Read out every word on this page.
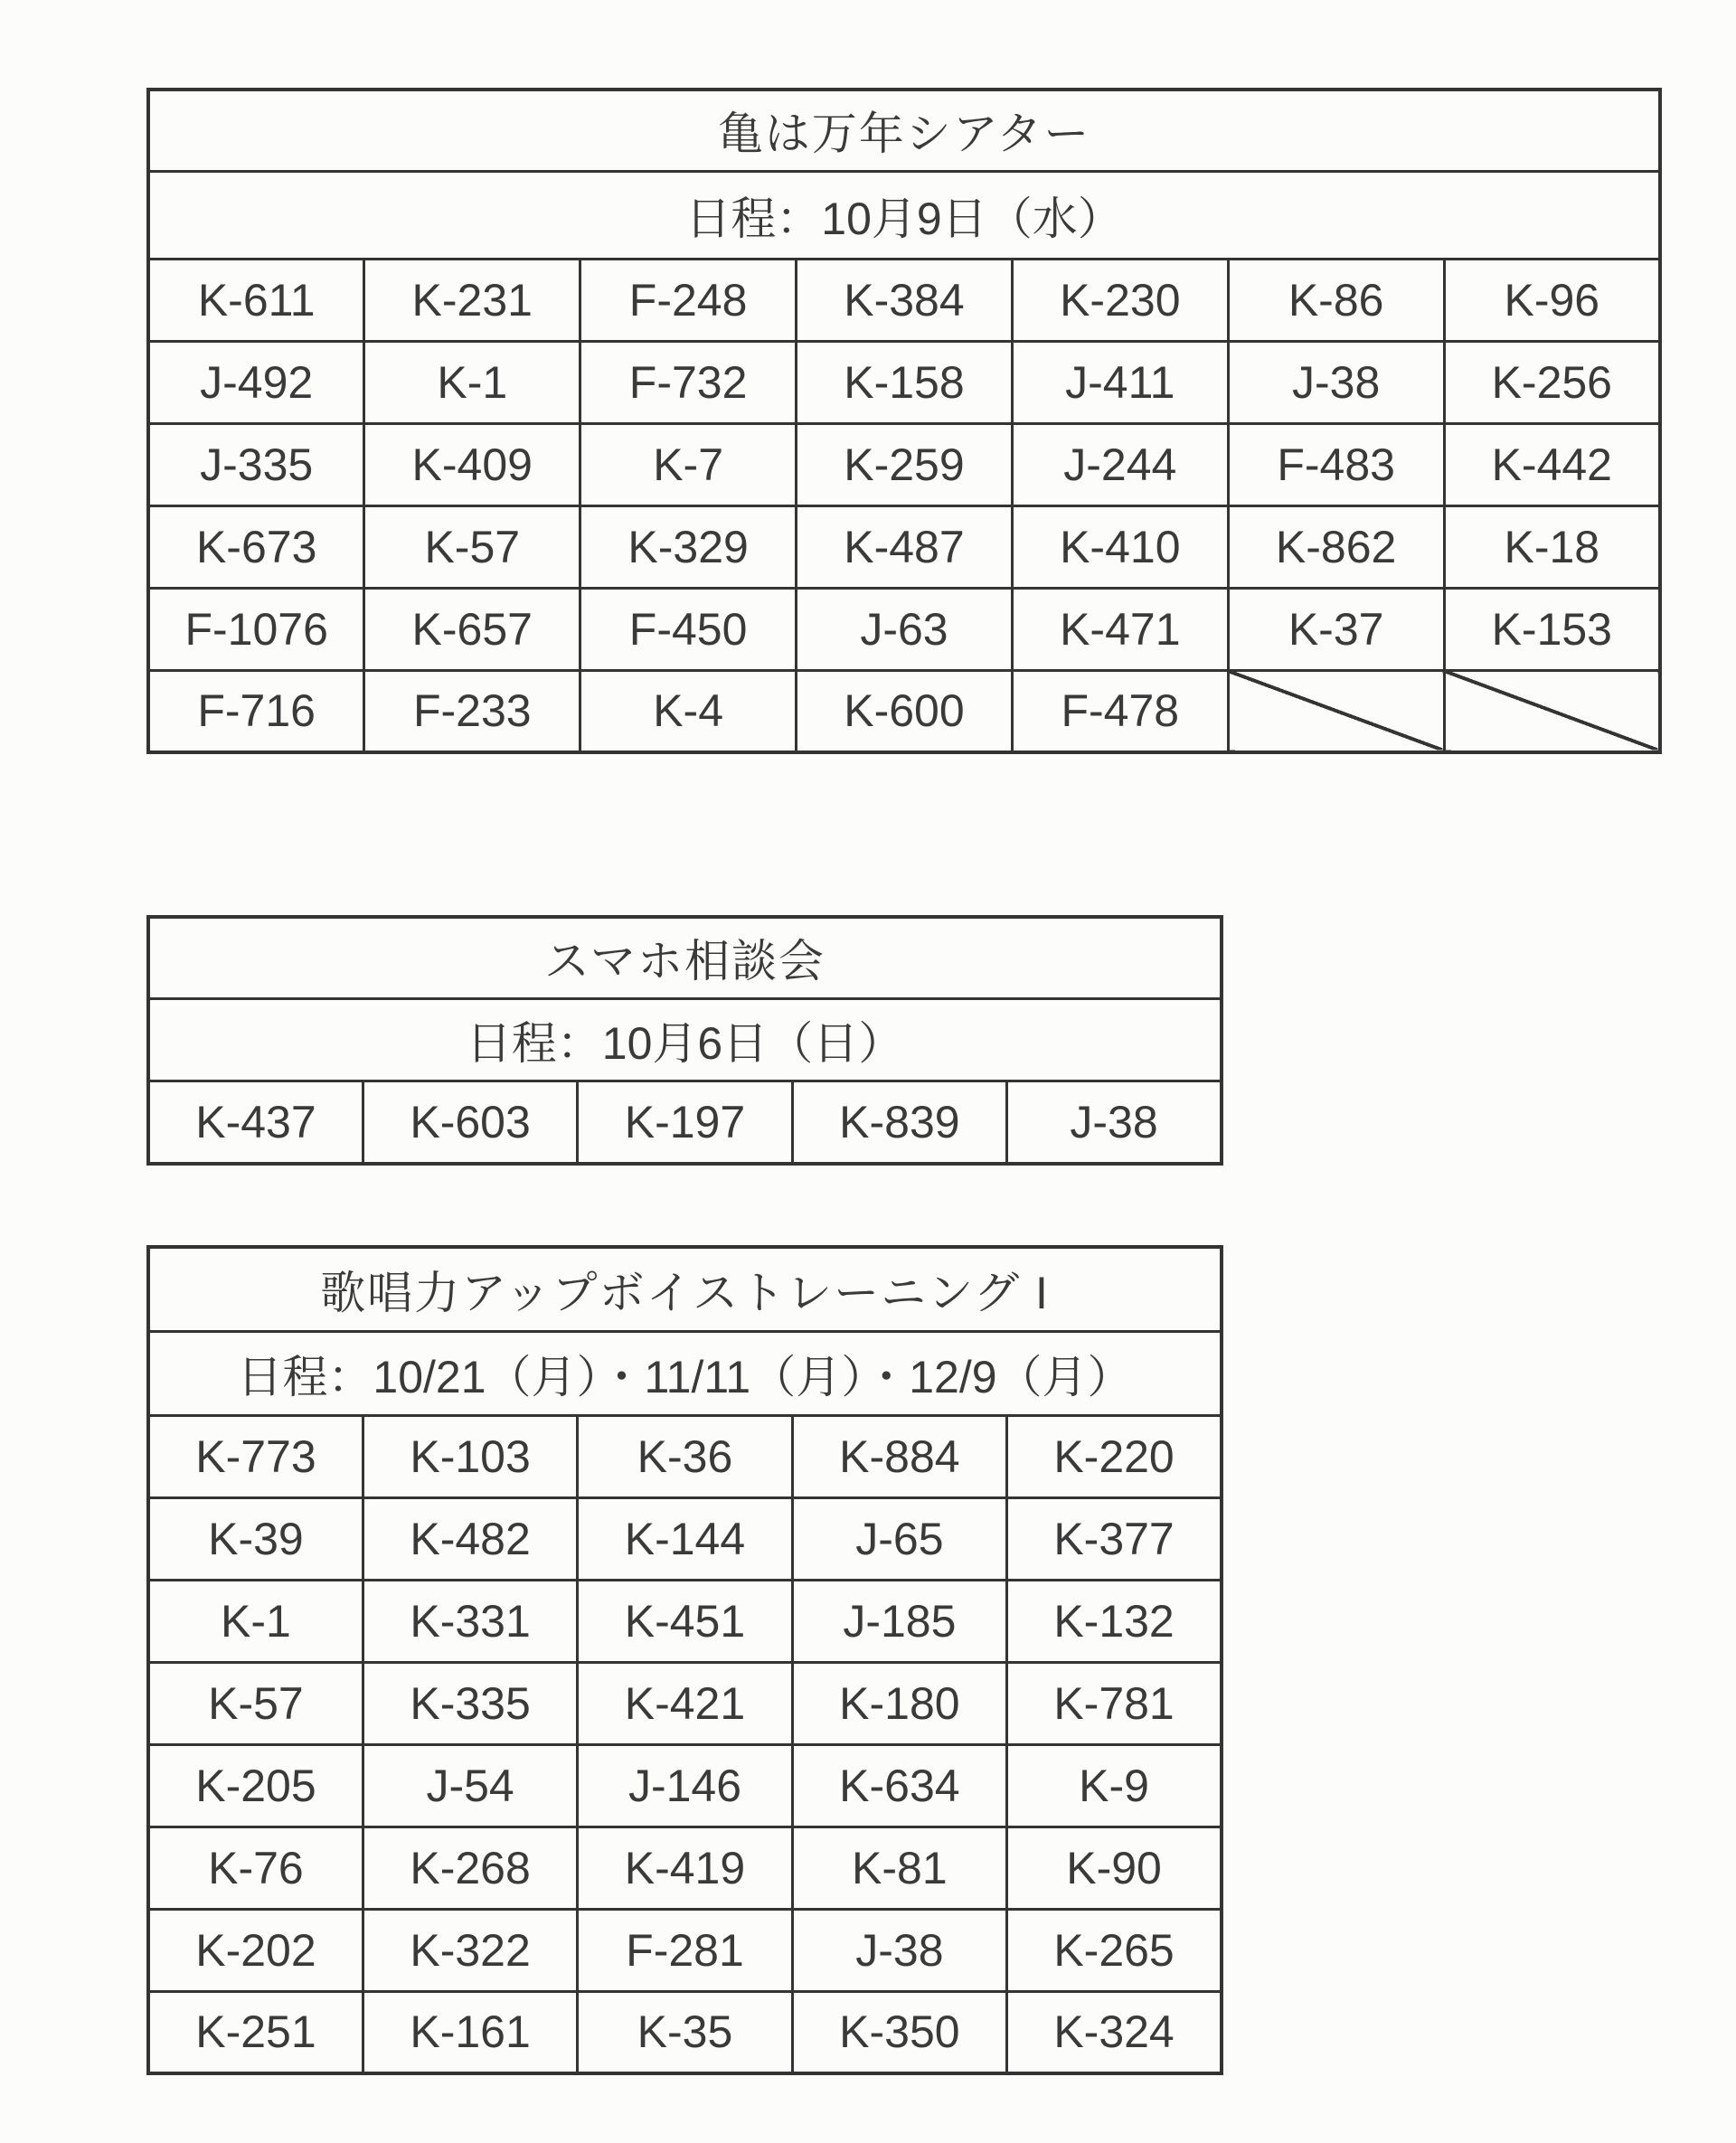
亀は万年シアター						
日程：10月9日（水）						
K-611	K-231	F-248	K-384	K-230	K-86	K-96
J-492	K-1	F-732	K-158	J-411	J-38	K-256
J-335	K-409	K-7	K-259	J-244	F-483	K-442
K-673	K-57	K-329	K-487	K-410	K-862	K-18
F-1076	K-657	F-450	J-63	K-471	K-37	K-153
F-716	F-233	K-4	K-600	F-478		
スマホ相談会
日程：10月6日（日）
K-437	K-603	K-197	K-839	J-38
歌唱力アップボイストレーニング I				
日程：10/21（月）・11/11（月）・12/9（月）				
K-773	K-103	K-36	K-884	K-220
K-39	K-482	K-144	J-65	K-377
K-1	K-331	K-451	J-185	K-132
K-57	K-335	K-421	K-180	K-781
K-205	J-54	J-146	K-634	K-9
K-76	K-268	K-419	K-81	K-90
K-202	K-322	F-281	J-38	K-265
K-251	K-161	K-35	K-350	K-324
